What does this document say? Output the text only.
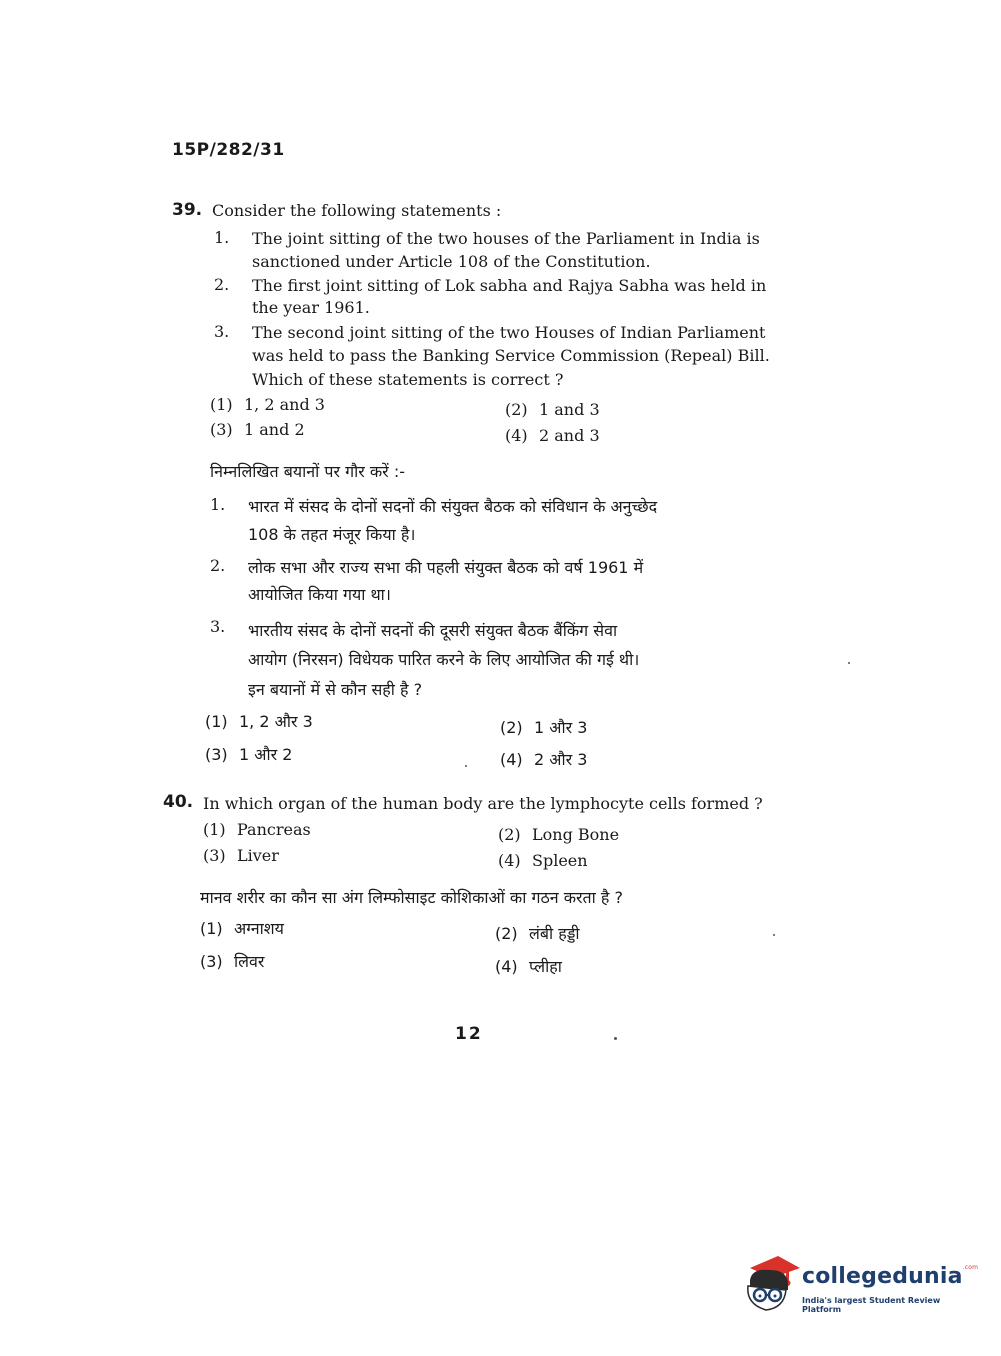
15P/282/31
39. Consider the following statements :
1. The joint sitting of the two houses of the Parliament in India is
sanctioned under Article 108 of the Constitution.
2. The first joint sitting of Lok sabha and Rajya Sabha was held in
the year 1961.
3. The second joint sitting of the two Houses of Indian Parliament
was held to pass the Banking Service Commission (Repeal) Bill.
Which of these statements is correct ?
(1) 1, 2 and 3	(2) 1 and 3
(3) 1 and 2	(4) 2 and 3
निम्नलिखित बयानों पर गौर करें :-
1. भारत में संसद के दोनों सदनों की संयुक्त बैठक को संविधान के अनुच्छेद
108 के तहत मंजूर किया है।
2. लोक सभा और राज्य सभा की पहली संयुक्त बैठक को वर्ष 1961 में
आयोजित किया गया था।
3. भारतीय संसद के दोनों सदनों की दूसरी संयुक्त बैठक बैंकिंग सेवा
आयोग (निरसन) विधेयक पारित करने के लिए आयोजित की गई थी।
इन बयानों में से कौन सही है ?
(1) 1, 2 और 3	(2) 1 और 3
(3) 1 और 2	(4) 2 और 3
40. In which organ of the human body are the lymphocyte cells formed ?
(1) Pancreas	(2) Long Bone
(3) Liver	(4) Spleen
मानव शरीर का कौन सा अंग लिम्फोसाइट कोशिकाओं का गठन करता है ?
(1) अग्नाशय	(2) लंबी हड्डी
(3) लिवर	(4) प्लीहा
12
collegedunia$^{.com}$
India's largest Student Review Platform
